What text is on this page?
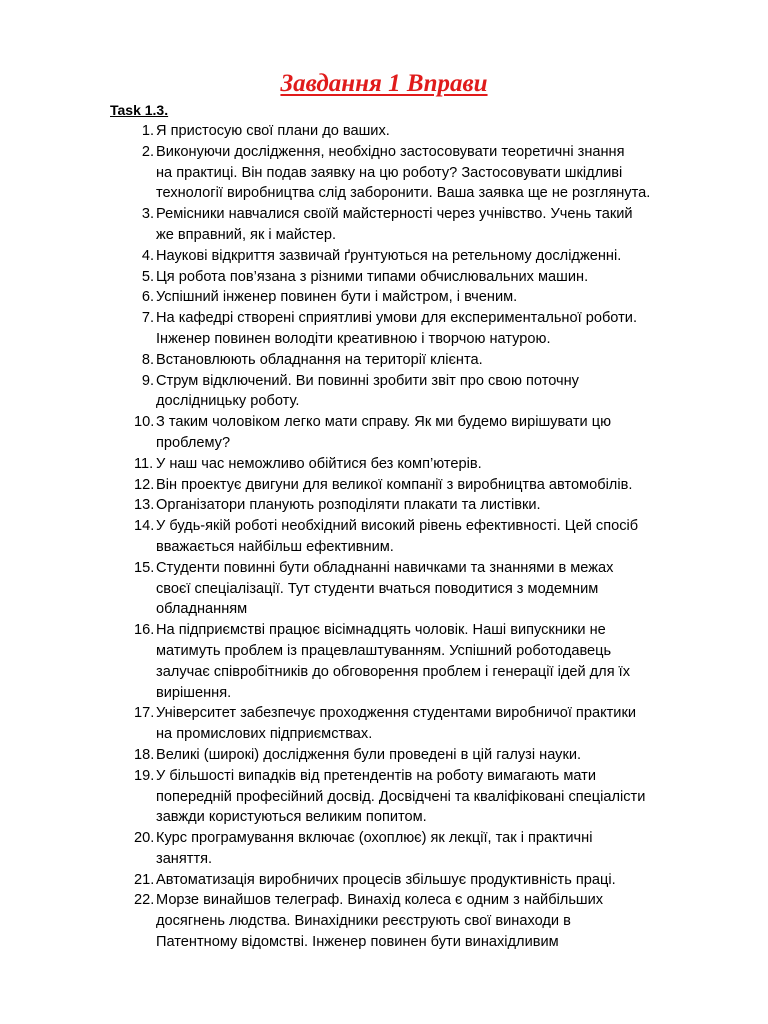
Завдання 1 Вправи

Task 1.3.

1. Я пристосую свої плани до ваших.
2. Виконуючи дослідження, необхідно застосовувати теоретичні знання
на практиці. Він подав заявку на цю роботу? Застосовувати шкідливі
технології виробництва слід заборонити. Ваша заявка ще не розглянута.
3. Ремісники навчалися своїй майстерності через учнівство. Учень такий
же вправний, як і майстер.
4. Наукові відкриття зазвичай ґрунтуються на ретельному дослідженні.
5. Ця робота пов’язана з різними типами обчислювальних машин.
6. Успішний інженер повинен бути і майстром, і вченим.
7. На кафедрі створені сприятливі умови для експериментальної роботи.
Інженер повинен володіти креативною і творчою натурою.
8. Встановлюють обладнання на території клієнта.
9. Струм відключений. Ви повинні зробити звіт про свою поточну
дослідницьку роботу.
10. З таким чоловіком легко мати справу. Як ми будемо вирішувати цю
проблему?
11. У наш час неможливо обійтися без комп’ютерів.
12. Він проектує двигуни для великої компанії з виробництва автомобілів.
13. Організатори планують розподіляти плакати та листівки.
14. У будь-якій роботі необхідний високий рівень ефективності. Цей спосіб
вважається найбільш ефективним.
15. Студенти повинні бути обладнанні навичками та знаннями в межах
своєї спеціалізації. Тут студенти вчаться поводитися з модемним
обладнанням
16. На підприємстві працює вісімнадцять чоловік. Наші випускники не
матимуть проблем із працевлаштуванням. Успішний роботодавець
залучає співробітників до обговорення проблем і генерації ідей для їх
вирішення.
17. Університет забезпечує проходження студентами виробничої практики
на промислових підприємствах.
18. Великі (широкі) дослідження були проведені в цій галузі науки.
19. У більшості випадків від претендентів на роботу вимагають мати
попередній професійний досвід. Досвідчені та кваліфіковані спеціалісти
завжди користуються великим попитом.
20. Курс програмування включає (охоплює) як лекції, так і практичні
заняття.
21. Автоматизація виробничих процесів збільшує продуктивність праці.
22. Морзе винайшов телеграф. Винахід колеса є одним з найбільших
досягнень людства. Винахідники реєструють свої винаходи в
Патентному відомстві. Інженер повинен бути винахідливим
